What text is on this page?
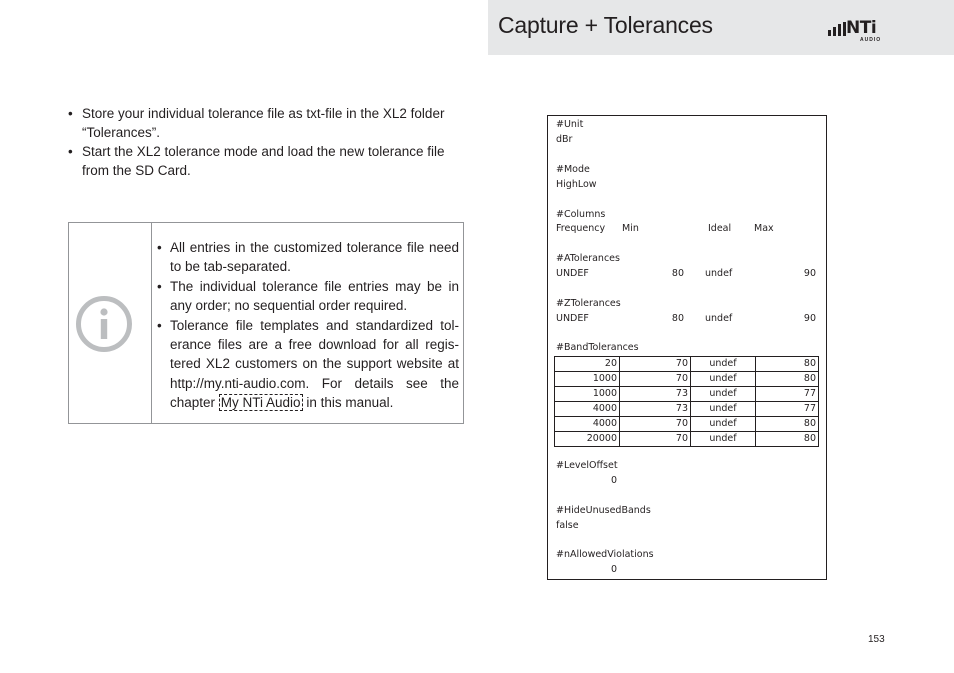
Capture + Tolerances	NTi
AUDIO
• Store your individual tolerance file as txt-file in the XL2 folder “Tolerances”.
• Start the XL2 tolerance mode and load the new tolerance file from the SD Card.
• All entries in the customized tolerance file need to be tab-separated.
• The individual tolerance file entries may be in any order; no sequential order required.
• Tolerance file templates and standardized tol-erance files are a free download for all regis-tered XL2 customers on the support website at http://my.nti-audio.com. For details see the chapter My NTi Audio in this manual.
#Unit
dBr
#Mode
HighLow
#Columns
Frequency Min	Ideal Max
#ATolerances
UNDEF	80 undef	90
#ZTolerances
UNDEF	80 undef	90
#BandTolerances
20	70	undef	80
1000	70	undef	80
1000	73	undef	77
4000	73	undef	77
4000	70	undef	80
20000	70	undef	80
#LevelOffset
0
#HideUnusedBands
false
#nAllowedViolations
0
153
